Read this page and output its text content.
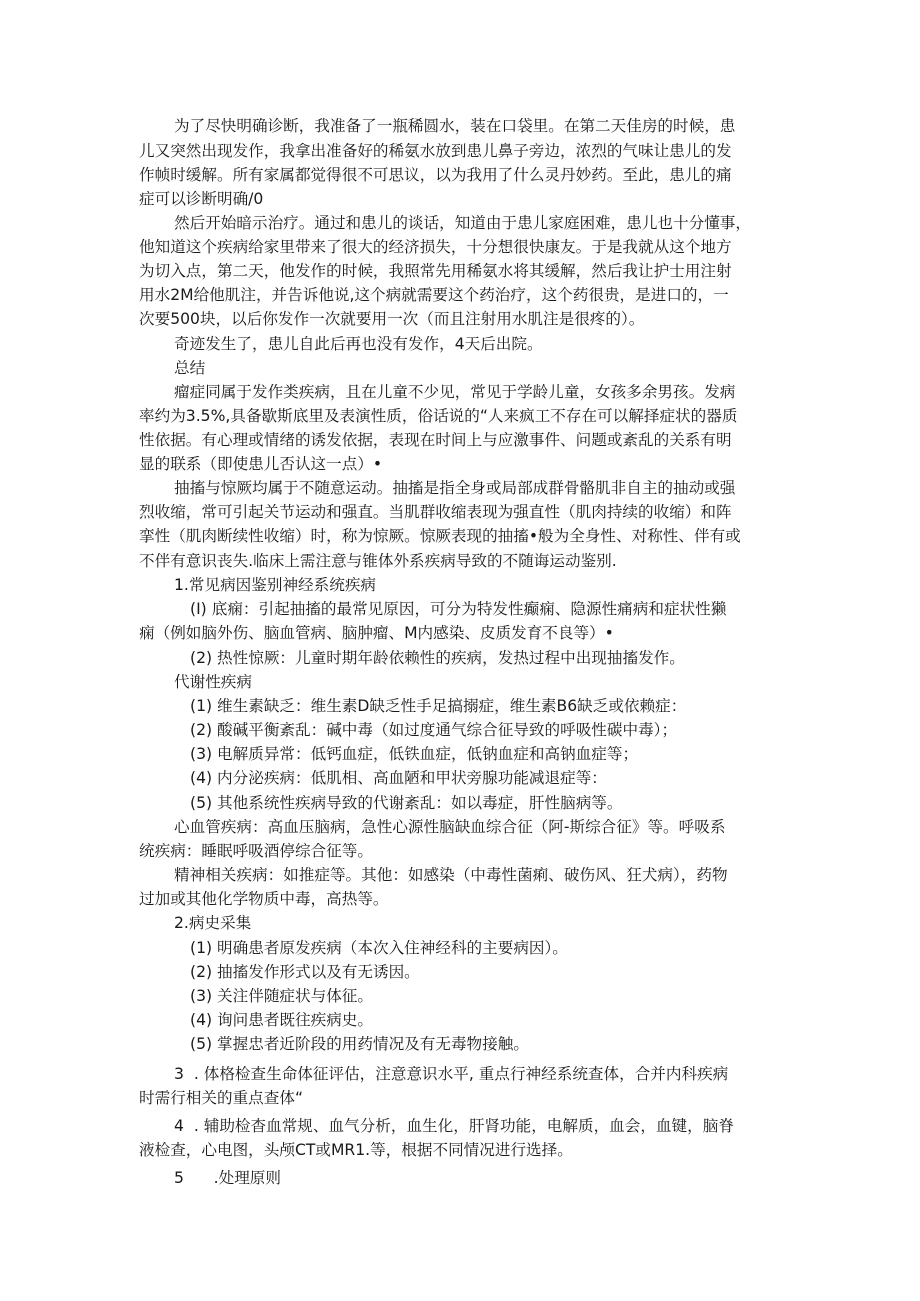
为了尽快明确诊断，我准备了一瓶稀圆水，装在口袋里。在第二天佳房的时候，患
儿又突然出现发作，我拿出准备好的稀氨水放到患儿鼻子旁边，浓烈的气味让患儿的发
作帧时缓解。所有家属都觉得很不可思议，以为我用了什么灵丹妙药。至此，患儿的痛
症可以诊断明确/0
然后开始暗示治疗。通过和患儿的谈话，知道由于患儿家庭困难，患儿也十分懂事，
他知道这个疾病给家里带来了很大的经济损失，十分想很快康友。于是我就从这个地方
为切入点，第二天，他发作的时候，我照常先用稀氨水将其缓解，然后我让护士用注射
用水2M给他肌注，并告诉他说,这个病就需要这个药治疗，这个药很贵，是进口的，一
次要500块，以后你发作一次就要用一次（而且注射用水肌注是很疼的）。
奇迹发生了，患儿自此后再也没有发作，4天后出院。
总结
瘤症同属于发作类疾病，且在儿童不少见，常见于学龄儿童，女孩多余男孩。发病
率约为3.5%,具备歇斯底里及表演性质，俗话说的“人来疯工不存在可以解择症状的器质
性依据。有心理或情绪的诱发依据，表现在时间上与应激事件、问题或紊乱的关系有明
显的联系（即使患儿否认这一点）•
抽搐与惊厥均属于不随意运动。抽搐是指全身或局部成群骨骼肌非自主的抽动或强
烈收缩，常可引起关节运动和强直。当肌群收缩表现为强直性（肌肉持续的收缩）和阵
挛性（肌肉断续性收缩）时，称为惊厥。惊厥表现的抽搐•般为全身性、对称性、伴有或
不伴有意识丧失.临床上需注意与锥体外系疾病导致的不随诲运动鉴别.
1.常见病因鉴别神经系统疾病
(I) 底痫：引起抽搐的最常见原因，可分为特发性癫痫、隐源性痛病和症状性獭
痫（例如脑外伤、脑血管病、脑肿瘤、M内感染、皮质发育不良等）•
(2) 热性惊厥：儿童时期年龄依赖性的疾病，发热过程中出现抽搐发作。
代谢性疾病
(1) 维生素缺乏：维生素D缺乏性手足搞搦症，维生素B6缺乏或依赖症：
(2) 酸碱平衡紊乱：碱中毒（如过度通气综合征导致的呼吸性碳中毒）；
(3) 电解质异常：低钙血症，低铁血症，低钠血症和高钠血症等；
(4) 内分泌疾病：低肌相、高血陋和甲状旁腺功能减退症等：
(5) 其他系统性疾病导致的代谢紊乱：如以毒症，肝性脑病等。
心血管疾病：高血压脑病，急性心源性脑缺血综合征（阿-斯综合征》等。呼吸系
统疾病：睡眠呼吸酒停综合征等。
精神相关疾病：如推症等。其他：如感染（中毒性菌痢、破伤风、狂犬病），药物
过加或其他化学物质中毒，高热等。
2.病史采集
(1) 明确患者原发疾病（本次入住神经科的主要病因）。
(2) 抽搐发作形式以及有无诱因。
(3) 关注伴随症状与体征。
(4) 询问患者既往疾病史。
(5) 掌握忠者近阶段的用药情况及有无毒物接触。
3  . 体格检查生命体征评估，注意意识水平, 重点行神经系统查体，合并内科疾病
时需行相关的重点查体“
4  . 辅助检杳血常规、血气分析，血生化，肝肾功能，电解质，血会，血键，脑脊
液检查，心电图，头颅CT或MR1.等，根据不同情况进行选择。
5      .处理原则
